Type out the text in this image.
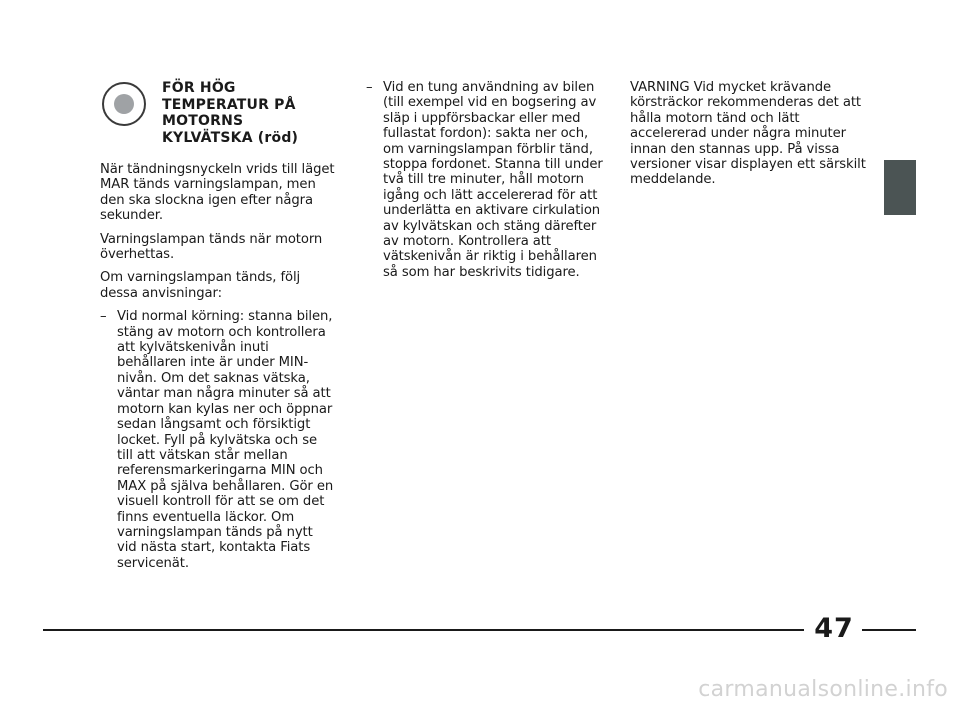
FÖR HÖG TEMPERATUR PÅ MOTORNS KYLVÄTSKA (röd)

När tändningsnyckeln vrids till läget MAR tänds varningslampan, men den ska slockna igen efter några sekunder.

Varningslampan tänds när motorn överhettas.

Om varningslampan tänds, följ dessa anvisningar:

– Vid normal körning: stanna bilen, stäng av motorn och kontrollera att kylvätskenivån inuti behållaren inte är under MIN-nivån. Om det saknas vätska, väntar man några minuter så att motorn kan kylas ner och öppnar sedan långsamt och försiktigt locket. Fyll på kylvätska och se till att vätskan står mellan referensmarkeringarna MIN och MAX på själva behållaren. Gör en visuell kontroll för att se om det finns eventuella läckor. Om varningslampan tänds på nytt vid nästa start, kontakta Fiats servicenät.
– Vid en tung användning av bilen (till exempel vid en bogsering av släp i uppförsbackar eller med fullastat fordon): sakta ner och, om varningslampan förblir tänd, stoppa fordonet. Stanna till under två till tre minuter, håll motorn igång och lätt accelererad för att underlätta en aktivare cirkulation av kylvätskan och stäng därefter av motorn. Kontrollera att vätskenivån är riktig i behållaren så som har beskrivits tidigare.

VARNING Vid mycket krävande körsträckor rekommenderas det att hålla motorn tänd och lätt accelererad under några minuter innan den stannas upp. På vissa versioner visar displayen ett särskilt meddelande.

47
carmanualsonline.info
